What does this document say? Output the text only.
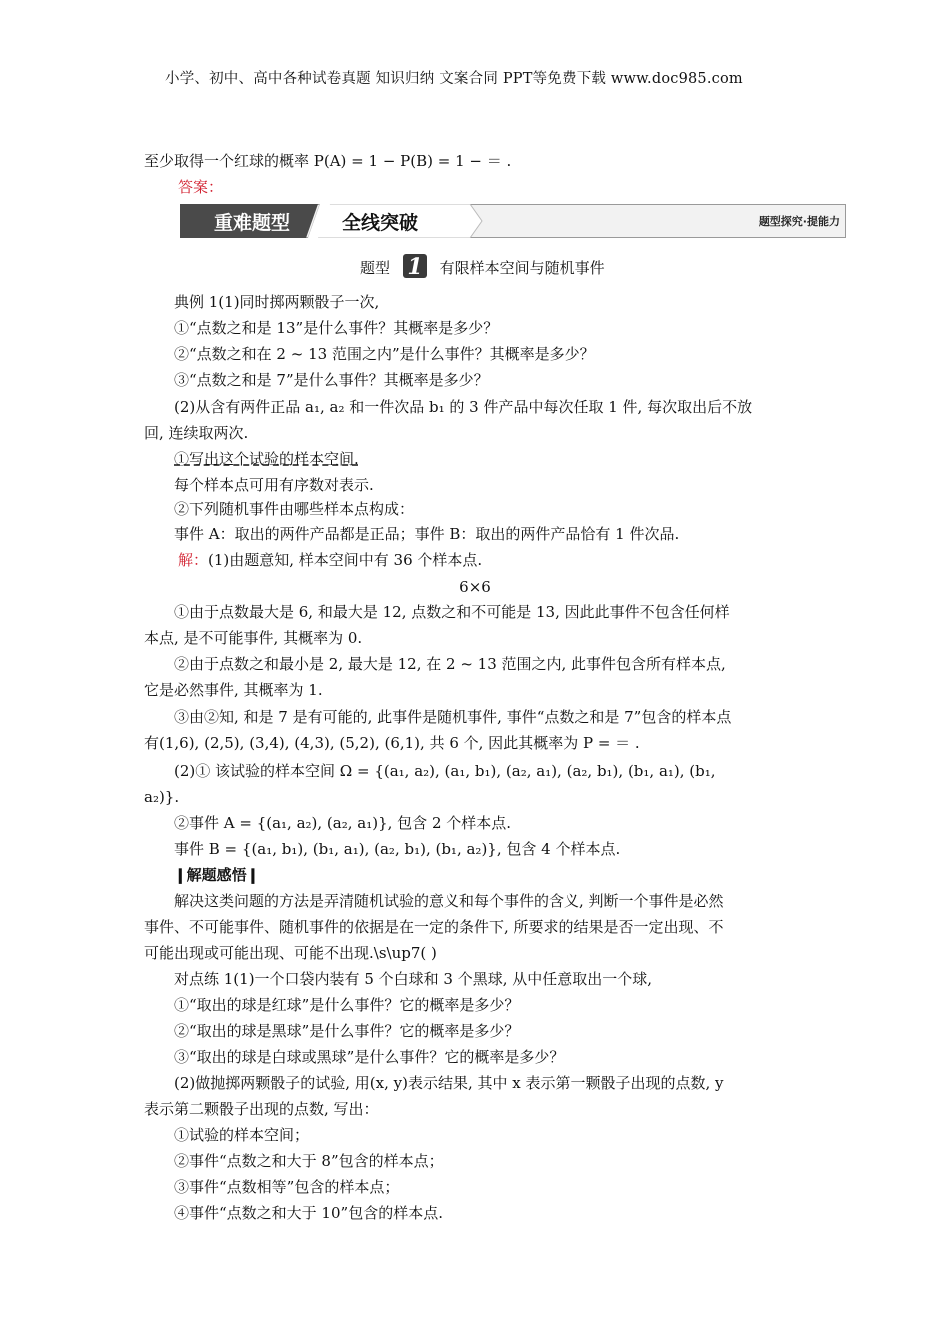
小学、初中、高中各种试卷真题 知识归纳 文案合同 PPT等免费下载 www.doc985.com
至少取得一个红球的概率 P(A) = 1 − P(B) = 1 − ＝ .
答案：
重难题型	全线突破	题型探究·提能力
题型 1 有限样本空间与随机事件
典例 1(1)同时掷两颗骰子一次,
①“点数之和是 13”是什么事件？其概率是多少？
②“点数之和在 2 ~ 13 范围之内”是什么事件？其概率是多少？
③“点数之和是 7”是什么事件？其概率是多少？
(2)从含有两件正品 a₁, a₂ 和一件次品 b₁ 的 3 件产品中每次任取 1 件, 每次取出后不放
回, 连续取两次.
①写出这个试验的样本空间.
每个样本点可用有序数对表示.
②下列随机事件由哪些样本点构成：
事件 A：取出的两件产品都是正品；事件 B：取出的两件产品恰有 1 件次品.
解： (1)由题意知, 样本空间中有 36 个样本点.
6×6
①由于点数最大是 6, 和最大是 12, 点数之和不可能是 13, 因此此事件不包含任何样
本点, 是不可能事件, 其概率为 0.
②由于点数之和最小是 2, 最大是 12, 在 2 ~ 13 范围之内, 此事件包含所有样本点,
它是必然事件, 其概率为 1.
③由②知, 和是 7 是有可能的, 此事件是随机事件, 事件“点数之和是 7”包含的样本点
有(1,6), (2,5), (3,4), (4,3), (5,2), (6,1), 共 6 个, 因此其概率为 P = ＝ .
(2)① 该试验的样本空间 Ω = {(a₁, a₂), (a₁, b₁), (a₂, a₁), (a₂, b₁), (b₁, a₁), (b₁,
a₂)}.
②事件 A = {(a₁, a₂), (a₂, a₁)}, 包含 2 个样本点.
事件 B = {(a₁, b₁), (b₁, a₁), (a₂, b₁), (b₁, a₂)}, 包含 4 个样本点.
❙解题感悟❙
解决这类问题的方法是弄清随机试验的意义和每个事件的含义, 判断一个事件是必然
事件、不可能事件、随机事件的依据是在一定的条件下, 所要求的结果是否一定出现、不
可能出现或可能出现、可能不出现.\s\up7( )
对点练 1(1)一个口袋内装有 5 个白球和 3 个黑球, 从中任意取出一个球,
①“取出的球是红球”是什么事件？它的概率是多少？
②“取出的球是黑球”是什么事件？它的概率是多少？
③“取出的球是白球或黑球”是什么事件？它的概率是多少？
(2)做抛掷两颗骰子的试验, 用(x, y)表示结果, 其中 x 表示第一颗骰子出现的点数, y
表示第二颗骰子出现的点数, 写出：
①试验的样本空间；
②事件“点数之和大于 8”包含的样本点；
③事件“点数相等”包含的样本点；
④事件“点数之和大于 10”包含的样本点.
